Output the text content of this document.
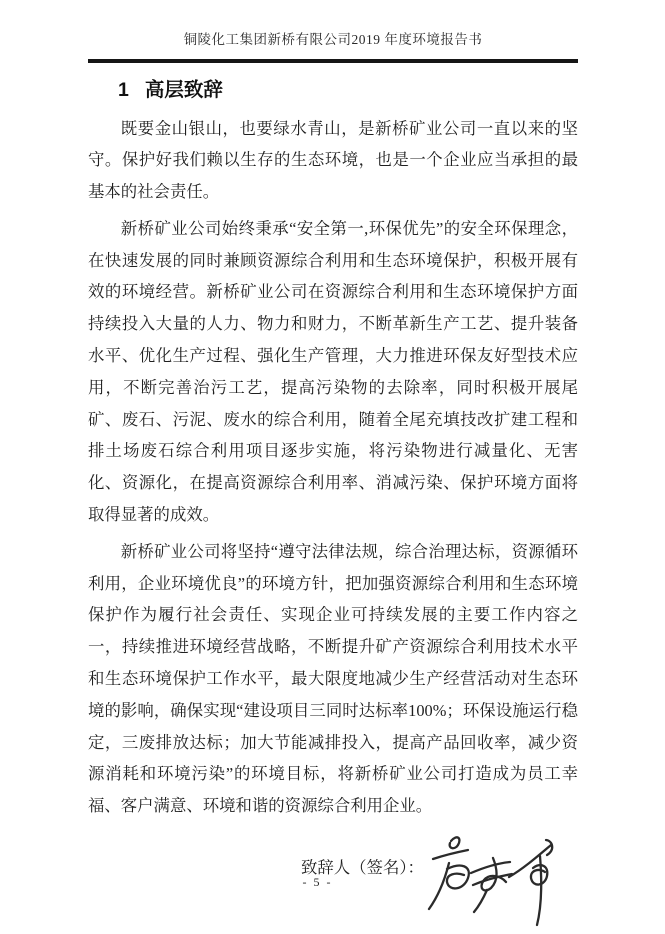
铜陵化工集团新桥有限公司2019 年度环境报告书
1 高层致辞

既要金山银山，也要绿水青山，是新桥矿业公司一直以来的坚守。保护好我们赖以生存的生态环境，也是一个企业应当承担的最基本的社会责任。

新桥矿业公司始终秉承“安全第一,环保优先”的安全环保理念，在快速发展的同时兼顾资源综合利用和生态环境保护，积极开展有效的环境经营。新桥矿业公司在资源综合利用和生态环境保护方面持续投入大量的人力、物力和财力，不断革新生产工艺、提升装备水平、优化生产过程、强化生产管理，大力推进环保友好型技术应用，不断完善治污工艺，提高污染物的去除率，同时积极开展尾矿、废石、污泥、废水的综合利用，随着全尾充填技改扩建工程和排土场废石综合利用项目逐步实施，将污染物进行减量化、无害化、资源化，在提高资源综合利用率、消减污染、保护环境方面将取得显著的成效。

新桥矿业公司将坚持“遵守法律法规，综合治理达标，资源循环利用，企业环境优良”的环境方针，把加强资源综合利用和生态环境保护作为履行社会责任、实现企业可持续发展的主要工作内容之一，持续推进环境经营战略，不断提升矿产资源综合利用技术水平和生态环境保护工作水平，最大限度地减少生产经营活动对生态环境的影响，确保实现“建设项目三同时达标率100%；环保设施运行稳定，三废排放达标；加大节能减排投入，提高产品回收率，减少资源消耗和环境污染”的环境目标，将新桥矿业公司打造成为员工幸福、客户满意、环境和谐的资源综合利用企业。

致辞人（签名）：
- 5 -
